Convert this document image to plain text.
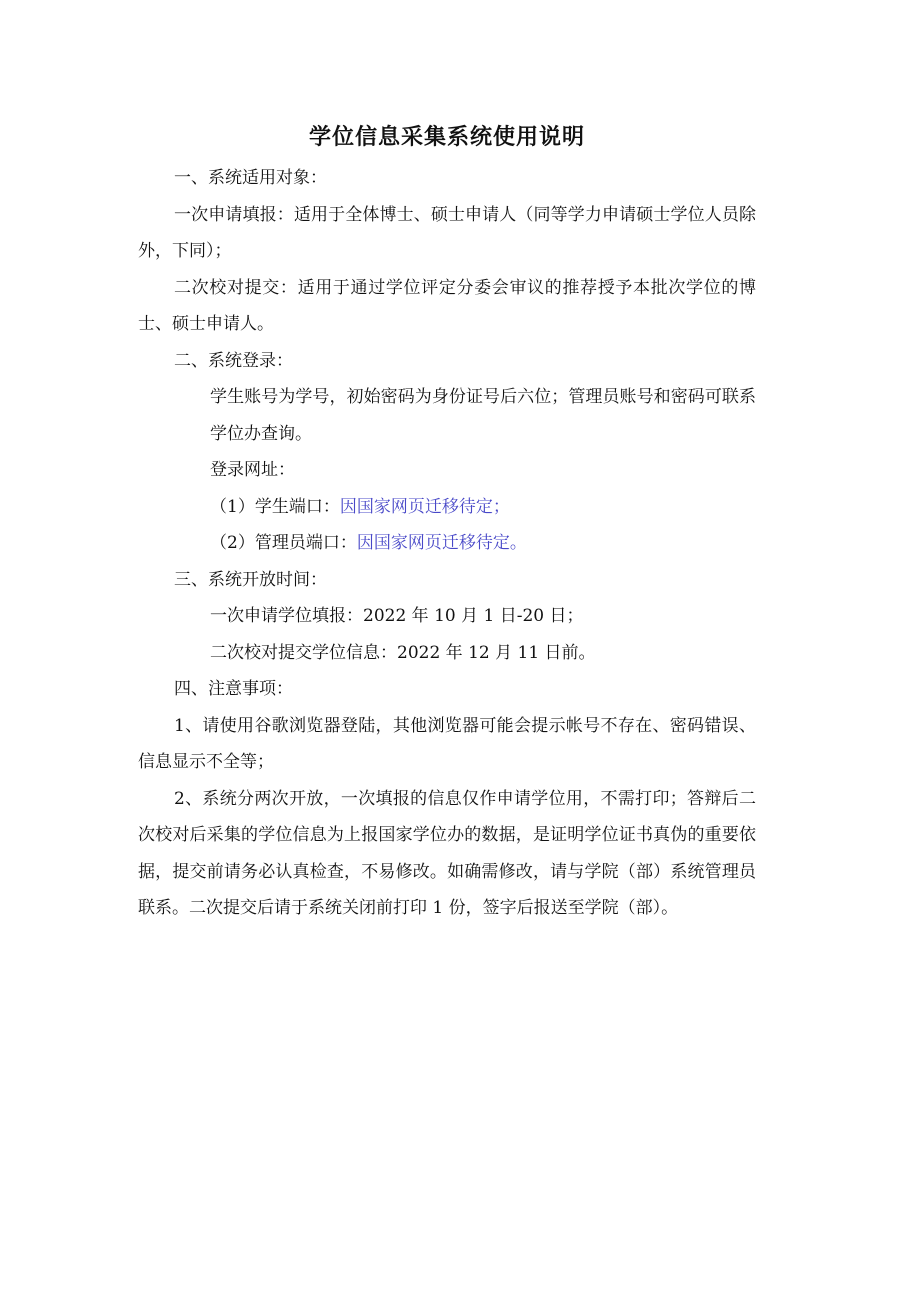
学位信息采集系统使用说明

一、系统适用对象：

一次申请填报：适用于全体博士、硕士申请人（同等学力申请硕士学位人员除外，下同）；

二次校对提交：适用于通过学位评定分委会审议的推荐授予本批次学位的博士、硕士申请人。

二、系统登录：

学生账号为学号，初始密码为身份证号后六位；管理员账号和密码可联系学位办查询。

登录网址：

（1）学生端口：因国家网页迁移待定；

（2）管理员端口：因国家网页迁移待定。

三、系统开放时间：

一次申请学位填报：2022 年 10 月 1 日-20 日；

二次校对提交学位信息：2022 年 12 月 11 日前。

四、注意事项：

1、请使用谷歌浏览器登陆，其他浏览器可能会提示帐号不存在、密码错误、信息显示不全等；

2、系统分两次开放，一次填报的信息仅作申请学位用，不需打印；答辩后二次校对后采集的学位信息为上报国家学位办的数据，是证明学位证书真伪的重要依据，提交前请务必认真检查，不易修改。如确需修改，请与学院（部）系统管理员联系。二次提交后请于系统关闭前打印 1 份，签字后报送至学院（部）。
